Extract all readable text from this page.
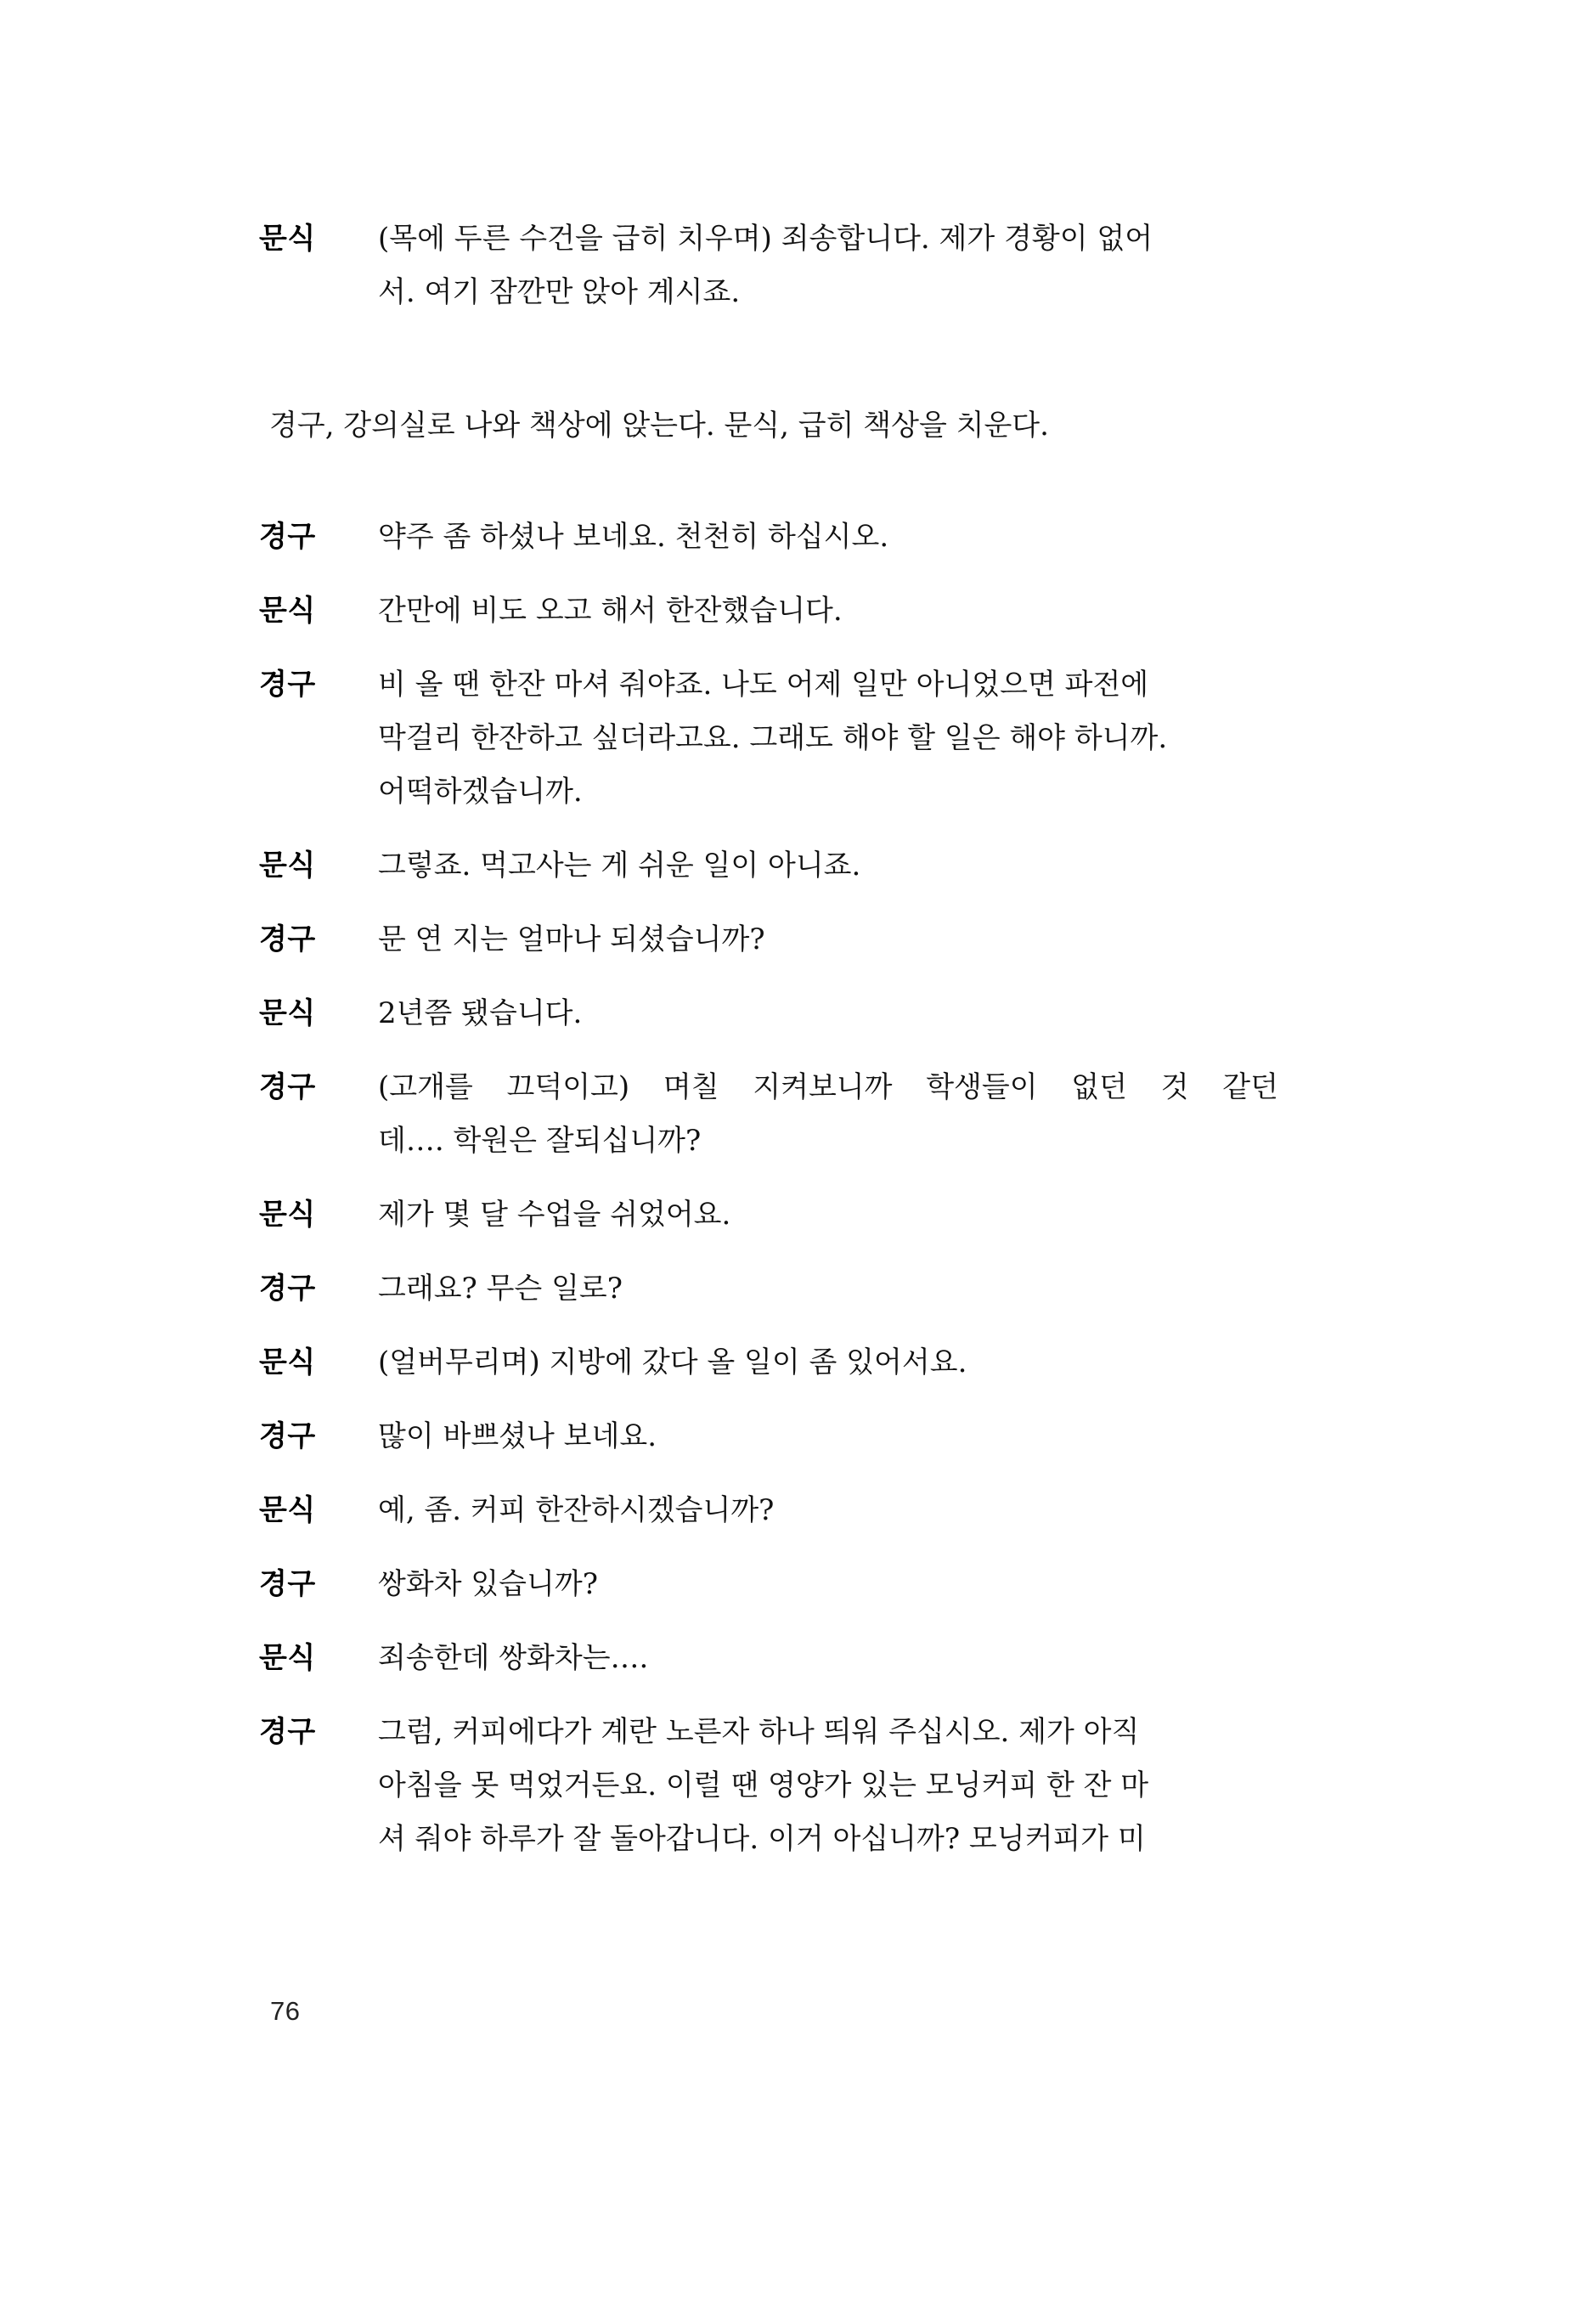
문식	(목에 두른 수건을 급히 치우며) 죄송합니다. 제가 경황이 없어
서. 여기 잠깐만 앉아 계시죠.

경구, 강의실로 나와 책상에 앉는다. 문식, 급히 책상을 치운다.

경구	약주 좀 하셨나 보네요. 천천히 하십시오.
문식	간만에 비도 오고 해서 한잔했습니다.
경구	비 올 땐 한잔 마셔 줘야죠. 나도 어제 일만 아니었으면 파전에
막걸리 한잔하고 싶더라고요. 그래도 해야 할 일은 해야 하니까.
어떡하겠습니까.
문식	그렇죠. 먹고사는 게 쉬운 일이 아니죠.
경구	문 연 지는 얼마나 되셨습니까?
문식	2년쯤 됐습니다.
경구	(고개를 끄덕이고) 며칠 지켜보니까 학생들이 없던 것 같던
데…. 학원은 잘되십니까?
문식	제가 몇 달 수업을 쉬었어요.
경구	그래요? 무슨 일로?
문식	(얼버무리며) 지방에 갔다 올 일이 좀 있어서요.
경구	많이 바쁘셨나 보네요.
문식	예, 좀. 커피 한잔하시겠습니까?
경구	쌍화차 있습니까?
문식	죄송한데 쌍화차는….
경구	그럼, 커피에다가 계란 노른자 하나 띄워 주십시오. 제가 아직
아침을 못 먹었거든요. 이럴 땐 영양가 있는 모닝커피 한 잔 마
셔 줘야 하루가 잘 돌아갑니다. 이거 아십니까? 모닝커피가 미
76
